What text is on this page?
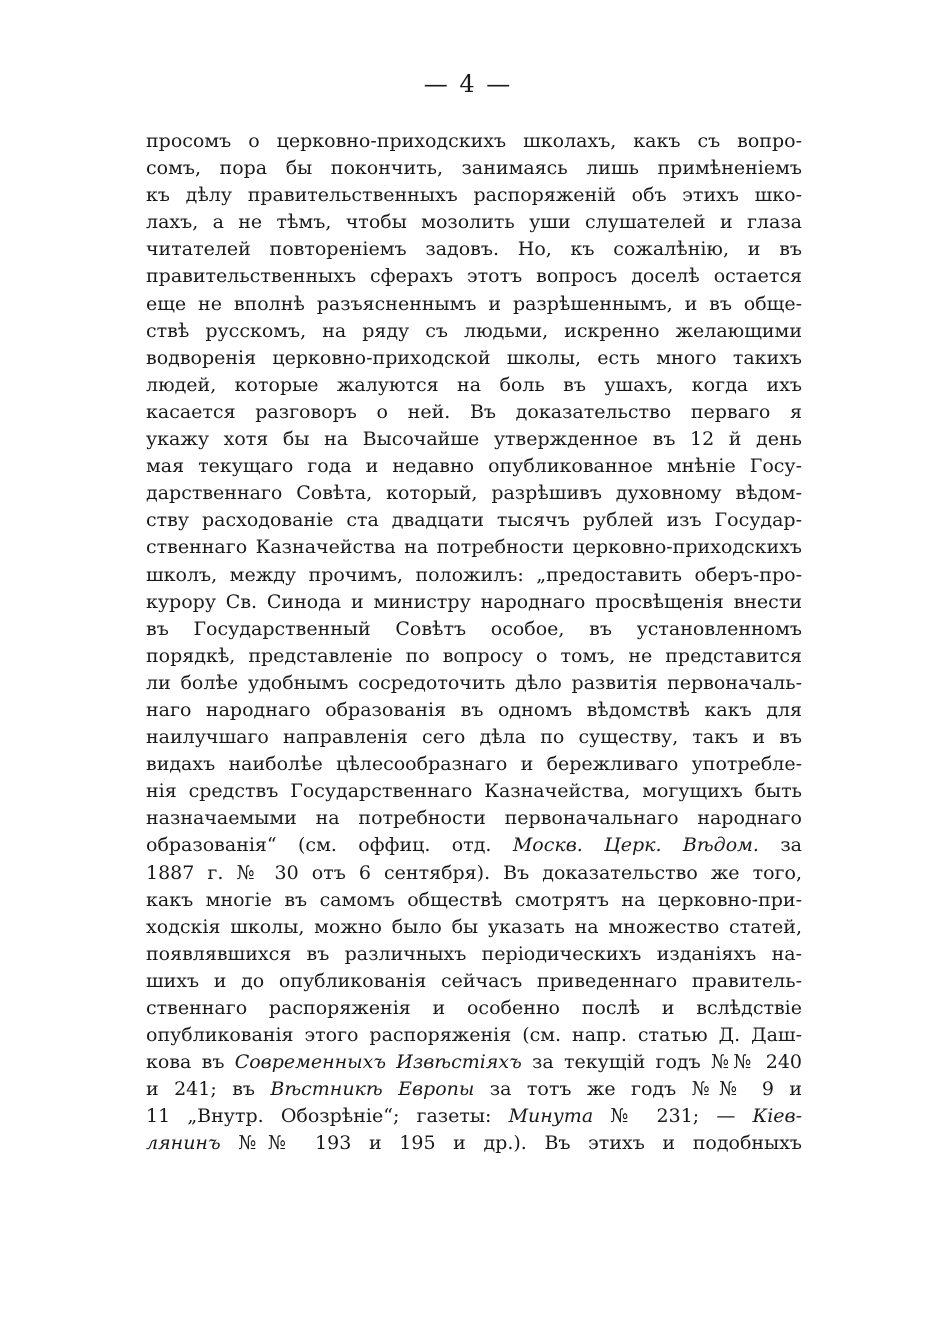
— 4 —
просомъ о церковно-приходскихъ школахъ, какъ съ вопро-
сомъ, пора бы покончить, занимаясь лишь примѣненіемъ
къ дѣлу правительственныхъ распоряженій объ этихъ шко-
лахъ, а не тѣмъ, чтобы мозолить уши слушателей и глаза
читателей повтореніемъ задовъ. Но, къ сожалѣнію, и въ
правительственныхъ сферахъ этотъ вопросъ доселѣ остается
еще не вполнѣ разъясненнымъ и разрѣшеннымъ, и въ обще-
ствѣ русскомъ, на ряду съ людьми, искренно желающими
водворенія церковно-приходской школы, есть много такихъ
людей, которые жалуются на боль въ ушахъ, когда ихъ
касается разговоръ о ней. Въ доказательство перваго я
укажу хотя бы на Высочайше утвержденное въ 12 й день
мая текущаго года и недавно опубликованное мнѣніе Госу-
дарственнаго Совѣта, который, разрѣшивъ духовному вѣдом-
ству расходованіе ста двадцати тысячъ рублей изъ Государ-
ственнаго Казначейства на потребности церковно-приходскихъ
школъ, между прочимъ, положилъ: „предоставить оберъ-про-
курору Св. Синода и министру народнаго просвѣщенія внести
въ Государственный Совѣтъ особое, въ установленномъ
порядкѣ, представленіе по вопросу о томъ, не представится
ли болѣе удобнымъ сосредоточить дѣло развитія первоначаль-
наго народнаго образованія въ одномъ вѣдомствѣ какъ для
наилучшаго направленія сего дѣла по существу, такъ и въ
видахъ наиболѣе цѣлесообразнаго и бережливаго употребле-
нія средствъ Государственнаго Казначейства, могущихъ быть
назначаемыми на потребности первоначальнаго народнаго
образованія“ (см. оффиц. отд. Москв. Церк. Вѣдом. за
1887 г. № 30 отъ 6 сентября). Въ доказательство же того,
какъ многіе въ самомъ обществѣ смотрятъ на церковно-при-
ходскія школы, можно было бы указать на множество статей,
появлявшихся въ различныхъ періодическихъ изданіяхъ на-
шихъ и до опубликованія сейчасъ приведеннаго правитель-
ственнаго распоряженія и особенно послѣ и вслѣдствіе
опубликованія этого распоряженія (см. напр. статью Д. Даш-
кова въ Современныхъ Извѣстіяхъ за текущій годъ №№ 240
и 241; въ Вѣстникѣ Европы за тотъ же годъ №№ 9 и
11 „Внутр. Обозрѣніе“; газеты: Минута № 231; — Кіев-
лянинъ №№ 193 и 195 и др.). Въ этихъ и подобныхъ
